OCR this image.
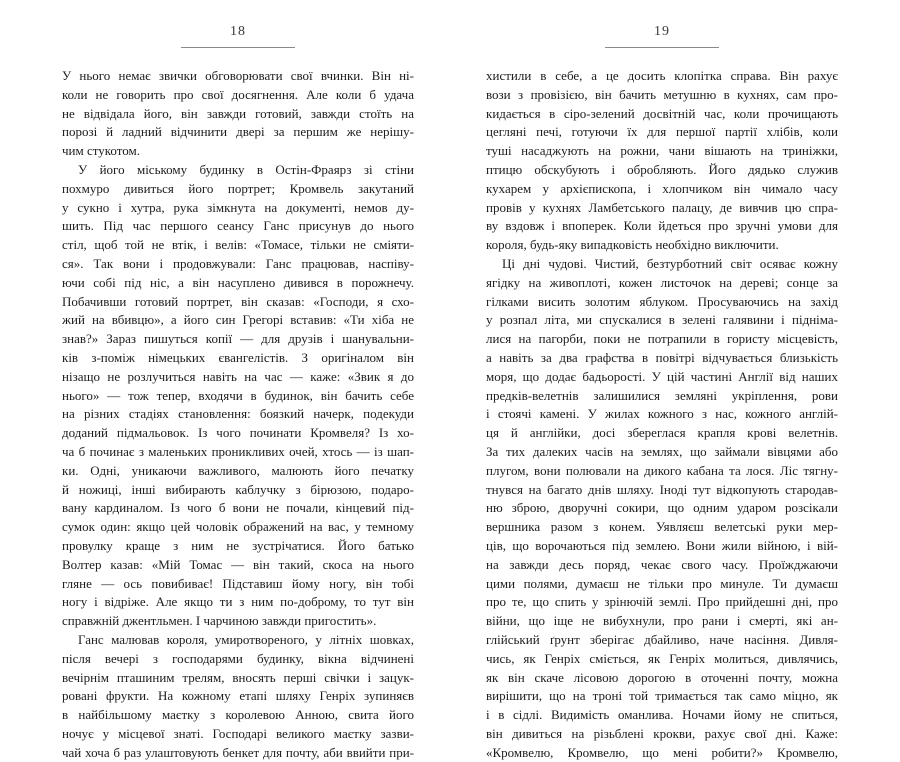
18
У нього немає звички обговорювати свої вчинки. Він ні-
коли не говорить про свої досягнення. Але коли б удача
не відвідала його, він завжди готовий, завжди стоїть на
порозі й ладний відчинити двері за першим же нерішу-
чим стукотом.
У його міському будинку в Остін-Фраярз зі стіни
похмуро дивиться його портрет; Кромвель закутаний
у сукно і хутра, рука зімкнута на документі, немов ду-
шить. Під час першого сеансу Ганс присунув до нього
стіл, щоб той не втік, і велів: «Томасе, тільки не сміяти-
ся». Так вони і продовжували: Ганс працював, наспіву-
ючи собі під ніс, а він насуплено дивився в порожнечу.
Побачивши готовий портрет, він сказав: «Господи, я схо-
жий на вбивцю», а його син Грегорі вставив: «Ти хіба не
знав?» Зараз пишуться копії — для друзів і шанувальни-
ків з-поміж німецьких євангелістів. З оригіналом він
нізащо не розлучиться навіть на час — каже: «Звик я до
нього» — тож тепер, входячи в будинок, він бачить себе
на різних стадіях становлення: боязкий начерк, подекуди
доданий підмальовок. Із чого починати Кромвеля? Із хо-
ча б починає з маленьких проникливих очей, хтось — із шап-
ки. Одні, уникаючи важливого, малюють його печатку
й ножиці, інші вибирають каблучку з бірюзою, подаро-
вану кардиналом. Із чого б вони не почали, кінцевий під-
сумок один: якщо цей чоловік ображений на вас, у темному
провулку краще з ним не зустрічатися. Його батько
Волтер казав: «Мій Томас — він такий, скоса на нього
гляне — ось повибиває! Підставиш йому ногу, він тобі
ногу і відріже. Але якщо ти з ним по-доброму, то тут він
справжній джентльмен. І чарчиною завжди пригостить».
Ганс малював короля, умиротвореного, у літніх шовках,
після вечері з господарями будинку, вікна відчинені
вечірнім пташиним трелям, вносять перші свічки і зацук-
ровані фрукти. На кожному етапі шляху Генріх зупиняєв
в найбільшому маєтку з королевою Анною, свита його
ночує у місцевої знаті. Господарі великого маєтку зазви-
чай хоча б раз улаштовують бенкет для почту, аби ввийти при-
19
хистили в себе, а це досить клопітка справа. Він рахує
вози з провізією, він бачить метушню в кухнях, сам про-
кидається в сіро-зелений досвітній час, коли прочищають
цегляні печі, готуючи їх для першої партії хлібів, коли
туші насаджують на рожни, чани вішають на триніжки,
птицю обскубують і обробляють. Його дядько служив
кухарем у архієпископа, і хлопчиком він чимало часу
провів у кухнях Ламбетського палацу, де вивчив цю спра-
ву вздовж і впоперек. Коли йдеться про зручні умови для
короля, будь-яку випадковість необхідно виключити.
Ці дні чудові. Чистий, безтурботний світ осяває кожну
ягідку на живоплоті, кожен листочок на дереві; сонце за
гілками висить золотим яблуком. Просуваючись на захід
у розпал літа, ми спускалися в зелені галявини і підніма-
лися на пагорби, поки не потрапили в гористу місцевість,
а навіть за два графства в повітрі відчувається близькість
моря, що додає бадьорості. У цій частині Англії від наших
предків-велетнів залишилися земляні укріплення, рови
і стоячі камені. У жилах кожного з нас, кожного англій-
ця й англійки, досі збереглася крапля крові велетнів.
За тих далеких часів на землях, що займали вівцями або
плугом, вони полювали на дикого кабана та лося. Ліс тягну-
тнувся на багато днів шляху. Іноді тут відкопують стародав-
ню зброю, дворучні сокири, що одним ударом розсікали
вершника разом з конем. Уявляєш велетські руки мер-
ців, що ворочаються під землею. Вони жили війною, і вій-
на завжди десь поряд, чекає свого часу. Проїжджаючи
цими полями, думаєш не тільки про минуле. Ти думаєш
про те, що спить у зрінючій землі. Про прийдешні дні, про
війни, що іще не вибухнули, про рани і смерті, які ан-
глійський ґрунт зберігає дбайливо, наче насіння. Дивля-
чись, як Генріх сміється, як Генріх молиться, дивлячись,
як він скаче лісовою дорогою в оточенні почту, можна
вирішити, що на троні той тримається так само міцно, як
і в сідлі. Видимість оманлива. Ночами йому не спиться,
він дивиться на різьблені крокви, рахує свої дні. Каже:
«Кромвелю, Кромвелю, що мені робити?» Кромвелю,
